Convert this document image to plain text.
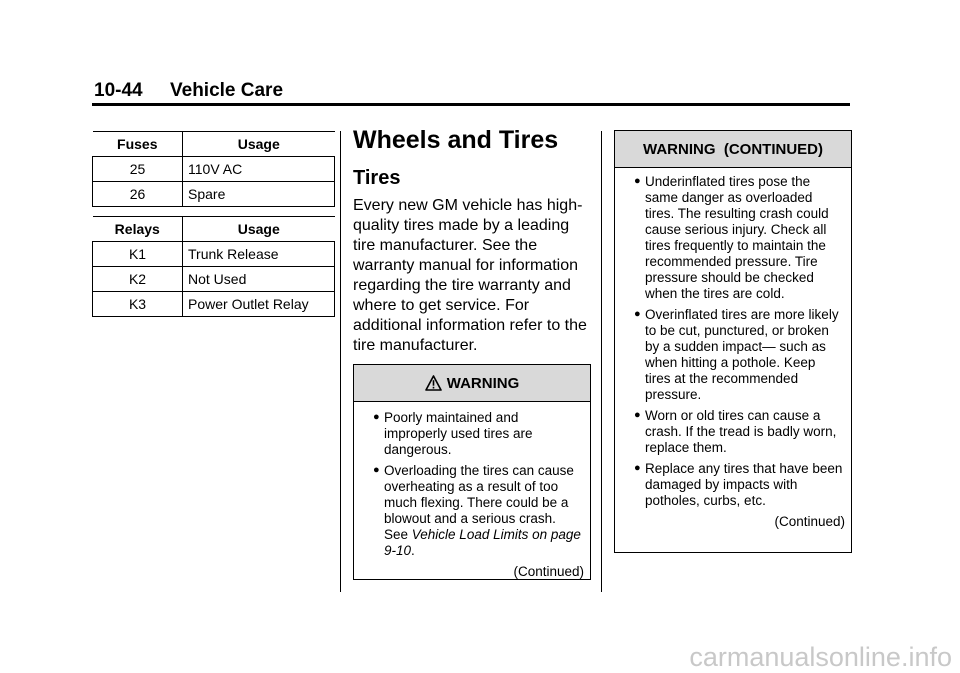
10-44 Vehicle Care
Fuses	Usage
25	110V AC
26	Spare
Relays	Usage
K1	Trunk Release
K2	Not Used
K3	Power Outlet Relay
Wheels and Tires
Tires

Every new GM vehicle has high-quality tires made by a leading tire manufacturer. See the warranty manual for information regarding the tire warranty and where to get service. For additional information refer to the tire manufacturer.

WARNING
● Poorly maintained and improperly used tires are dangerous.
● Overloading the tires can cause overheating as a result of too much flexing. There could be a blowout and a serious crash. See Vehicle Load Limits on page 9-10.
(Continued)
WARNING  (CONTINUED)
● Underinflated tires pose the same danger as overloaded tires. The resulting crash could cause serious injury. Check all tires frequently to maintain the recommended pressure. Tire pressure should be checked when the tires are cold.
● Overinflated tires are more likely to be cut, punctured, or broken by a sudden impact— such as when hitting a pothole. Keep tires at the recommended pressure.
● Worn or old tires can cause a crash. If the tread is badly worn, replace them.
● Replace any tires that have been damaged by impacts with potholes, curbs, etc.
(Continued)
carmanualsonline.info
